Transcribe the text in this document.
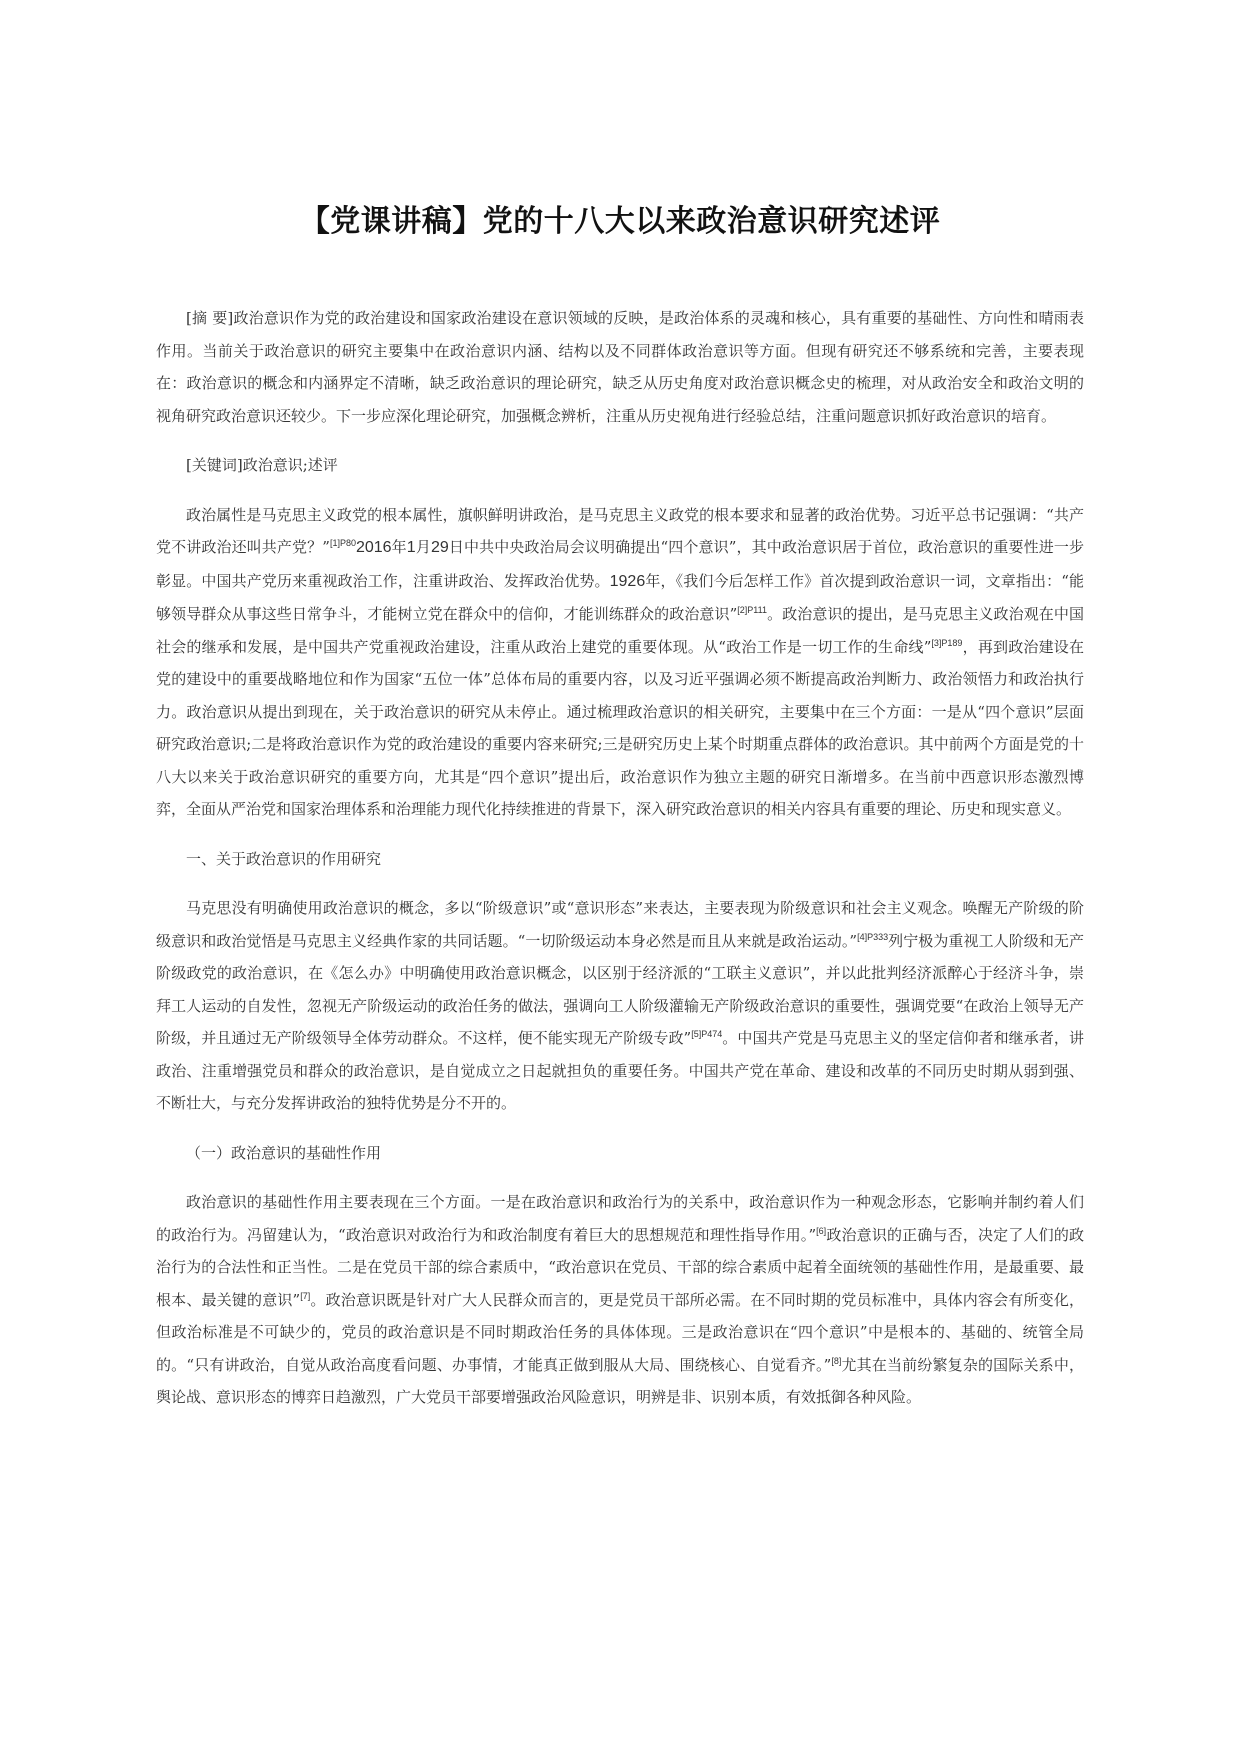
【党课讲稿】党的十八大以来政治意识研究述评

[摘 要]政治意识作为党的政治建设和国家政治建设在意识领域的反映，是政治体系的灵魂和核心，具有重要的基础性、方向性和晴雨表作用。当前关于政治意识的研究主要集中在政治意识内涵、结构以及不同群体政治意识等方面。但现有研究还不够系统和完善，主要表现在：政治意识的概念和内涵界定不清晰，缺乏政治意识的理论研究，缺乏从历史角度对政治意识概念史的梳理，对从政治安全和政治文明的视角研究政治意识还较少。下一步应深化理论研究，加强概念辨析，注重从历史视角进行经验总结，注重问题意识抓好政治意识的培育。

[关键词]政治意识;述评

政治属性是马克思主义政党的根本属性，旗帜鲜明讲政治，是马克思主义政党的根本要求和显著的政治优势。习近平总书记强调：“共产党不讲政治还叫共产党？”$^{[1]P80}$2016年1月29日中共中央政治局会议明确提出“四个意识”，其中政治意识居于首位，政治意识的重要性进一步彰显。中国共产党历来重视政治工作，注重讲政治、发挥政治优势。1926年，《我们今后怎样工作》首次提到政治意识一词，文章指出：“能够领导群众从事这些日常争斗，才能树立党在群众中的信仰，才能训练群众的政治意识”$^{[2]P111}$。政治意识的提出，是马克思主义政治观在中国社会的继承和发展，是中国共产党重视政治建设，注重从政治上建党的重要体现。从“政治工作是一切工作的生命线”$^{[3]P189}$，再到政治建设在党的建设中的重要战略地位和作为国家“五位一体”总体布局的重要内容，以及习近平强调必须不断提高政治判断力、政治领悟力和政治执行力。政治意识从提出到现在，关于政治意识的研究从未停止。通过梳理政治意识的相关研究，主要集中在三个方面：一是从“四个意识”层面研究政治意识;二是将政治意识作为党的政治建设的重要内容来研究;三是研究历史上某个时期重点群体的政治意识。其中前两个方面是党的十八大以来关于政治意识研究的重要方向，尤其是“四个意识”提出后，政治意识作为独立主题的研究日渐增多。在当前中西意识形态激烈博弈，全面从严治党和国家治理体系和治理能力现代化持续推进的背景下，深入研究政治意识的相关内容具有重要的理论、历史和现实意义。

一、关于政治意识的作用研究

马克思没有明确使用政治意识的概念，多以“阶级意识”或“意识形态”来表达，主要表现为阶级意识和社会主义观念。唤醒无产阶级的阶级意识和政治觉悟是马克思主义经典作家的共同话题。“一切阶级运动本身必然是而且从来就是政治运动。”$^{[4]P333}$列宁极为重视工人阶级和无产阶级政党的政治意识，在《怎么办》中明确使用政治意识概念，以区别于经济派的“工联主义意识”，并以此批判经济派醉心于经济斗争，崇拜工人运动的自发性，忽视无产阶级运动的政治任务的做法，强调向工人阶级灌输无产阶级政治意识的重要性，强调党要“在政治上领导无产阶级，并且通过无产阶级领导全体劳动群众。不这样，便不能实现无产阶级专政”$^{[5]P474}$。中国共产党是马克思主义的坚定信仰者和继承者，讲政治、注重增强党员和群众的政治意识，是自觉成立之日起就担负的重要任务。中国共产党在革命、建设和改革的不同历史时期从弱到强、不断壮大，与充分发挥讲政治的独特优势是分不开的。

（一）政治意识的基础性作用

政治意识的基础性作用主要表现在三个方面。一是在政治意识和政治行为的关系中，政治意识作为一种观念形态，它影响并制约着人们的政治行为。冯留建认为，“政治意识对政治行为和政治制度有着巨大的思想规范和理性指导作用。”[6]政治意识的正确与否，决定了人们的政治行为的合法性和正当性。二是在党员干部的综合素质中，“政治意识在党员、干部的综合素质中起着全面统领的基础性作用，是最重要、最根本、最关键的意识”[7]。政治意识既是针对广大人民群众而言的，更是党员干部所必需。在不同时期的党员标准中，具体内容会有所变化，但政治标准是不可缺少的，党员的政治意识是不同时期政治任务的具体体现。三是政治意识在“四个意识”中是根本的、基础的、统管全局的。“只有讲政治，自觉从政治高度看问题、办事情，才能真正做到服从大局、围绕核心、自觉看齐。”[8]尤其在当前纷繁复杂的国际关系中，舆论战、意识形态的博弈日趋激烈，广大党员干部要增强政治风险意识，明辨是非、识别本质，有效抵御各种风险。
